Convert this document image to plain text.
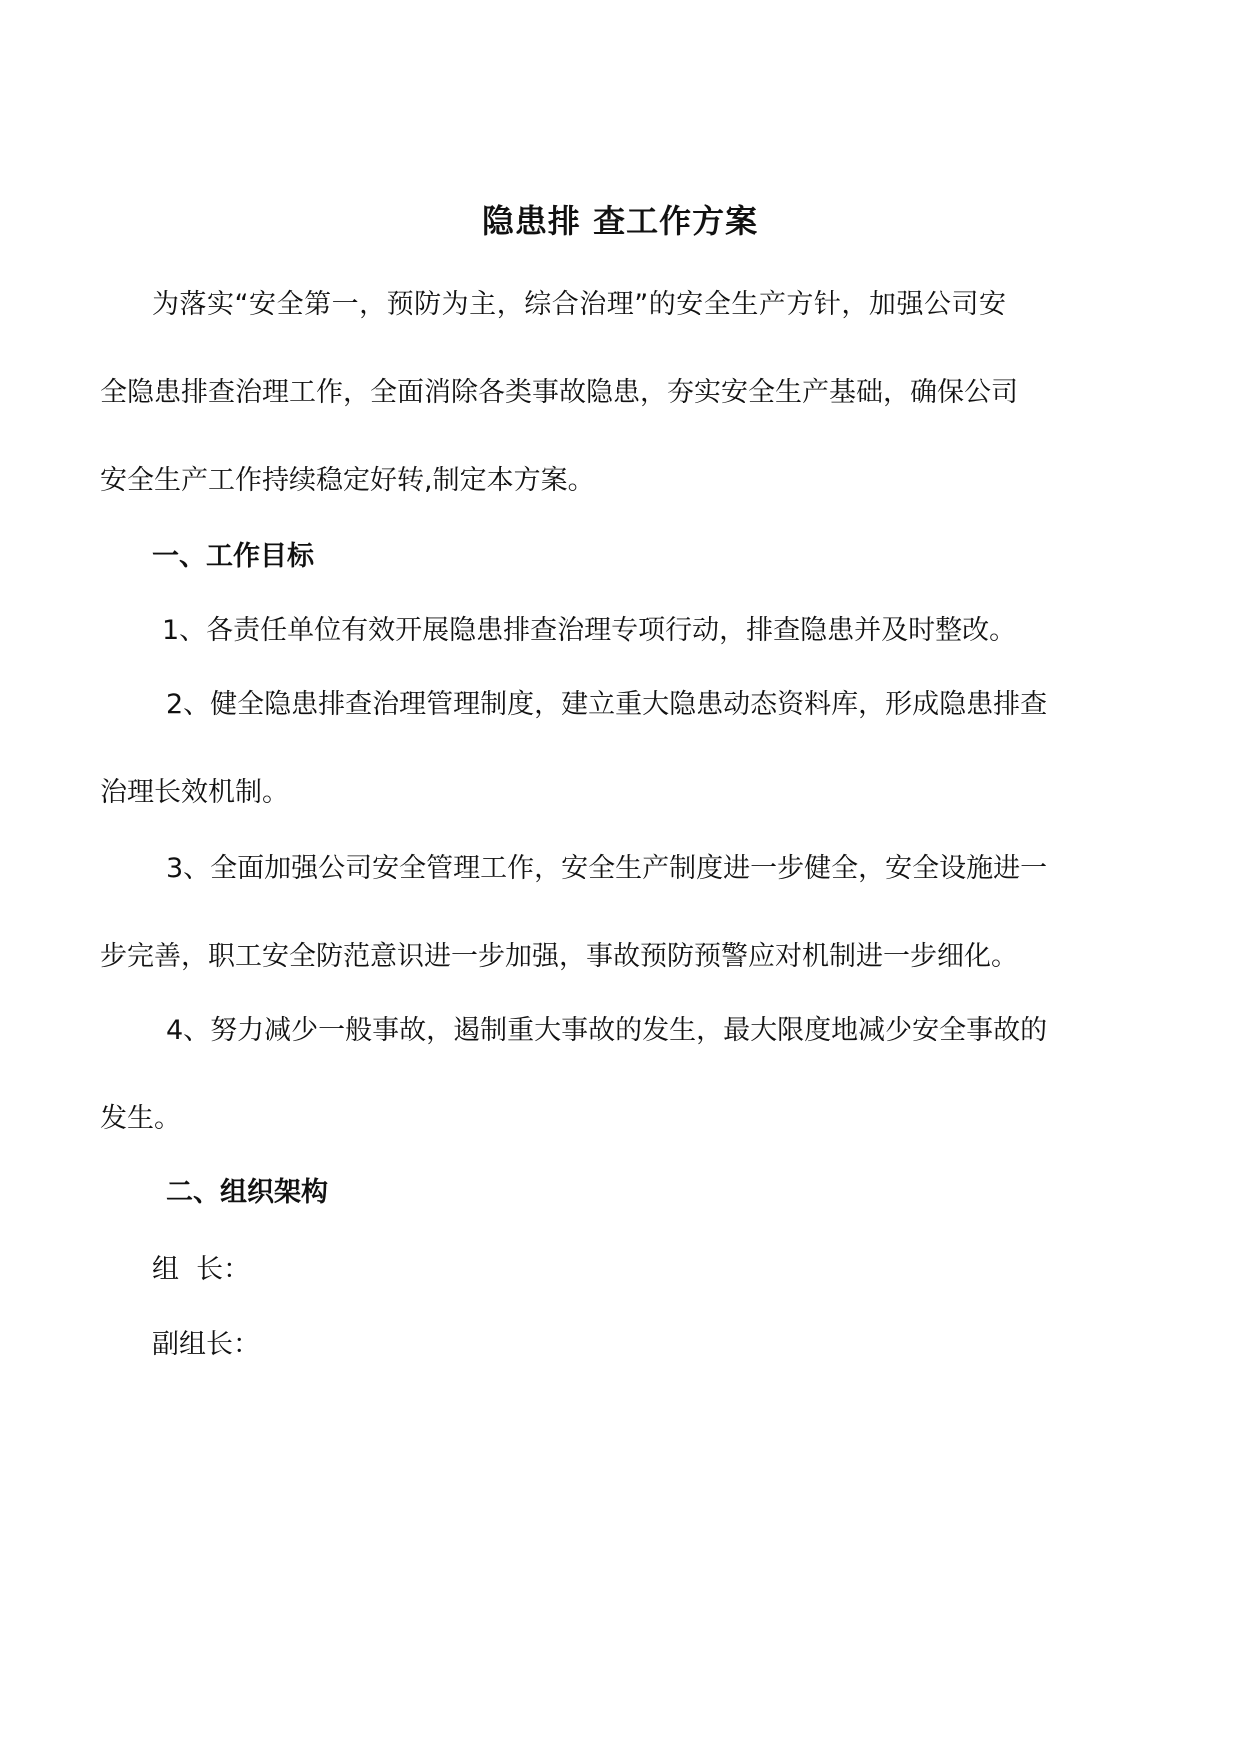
隐患排 查工作方案
为落实“安全第一，预防为主，综合治理”的安全生产方针，加强公司安
全隐患排查治理工作，全面消除各类事故隐患，夯实安全生产基础，确保公司
安全生产工作持续稳定好转,制定本方案。
一、工作目标
1、各责任单位有效开展隐患排查治理专项行动，排查隐患并及时整改。
2、健全隐患排查治理管理制度，建立重大隐患动态资料库，形成隐患排查
治理长效机制。
3、全面加强公司安全管理工作，安全生产制度进一步健全，安全设施进一
步完善，职工安全防范意识进一步加强，事故预防预警应对机制进一步细化。
4、努力减少一般事故，遏制重大事故的发生，最大限度地减少安全事故的
发生。
二、组织架构
组  长：
副组长：
